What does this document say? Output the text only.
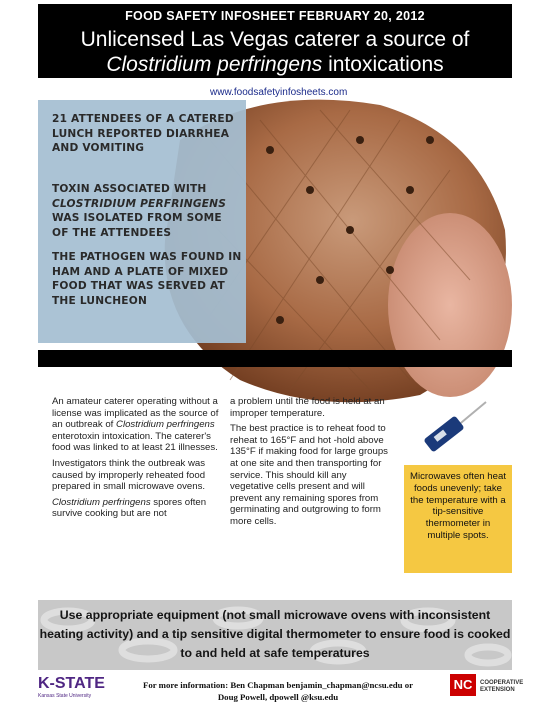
FOOD SAFETY INFOSHEET FEBRUARY 20, 2012
Unlicensed Las Vegas caterer a source of Clostridium perfringens intoxications
www.foodsafetyinfosheets.com

21 ATTENDEES OF A CATERED LUNCH REPORTED DIARRHEA AND VOMITING

TOXIN ASSOCIATED WITH

CLOSTRIDIUM PERFRINGENS

WAS ISOLATED FROM SOME OF THE ATTENDEES

THE PATHOGEN WAS FOUND IN HAM AND A PLATE OF MIXED FOOD THAT WAS SERVED AT THE LUNCHEON

An amateur caterer operating without a license was implicated as the source of an outbreak of Clostridium perfringens enterotoxin intoxication. The caterer's food was linked to at least 21 illnesses.

Investigators think the outbreak was caused by improperly reheated food prepared in small microwave ovens.

Clostridium perfringens spores often survive cooking but are not

a problem until the food is held at an improper temperature.

The best practice is to reheat food to reheat to 165°F and hot -hold above 135°F if making food for large groups at one site and then transporting for service. This should kill any vegetative cells present and will prevent any remaining spores from germinating and outgrowing to form more cells.

Microwaves often heat foods unevenly; take the temperature with a tip-sensitive thermometer in multiple spots.

Use appropriate equipment (not small microwave ovens with inconsistent heating activity) and a tip sensitive digital thermometer to ensure food is cooked to and held at safe temperatures

K-STATE
Kansas State University
For more information: Ben Chapman benjamin_chapman@ncsu.edu or
Doug Powell, dpowell @ksu.edu
NC	COOPERATIVE EXTENSION
